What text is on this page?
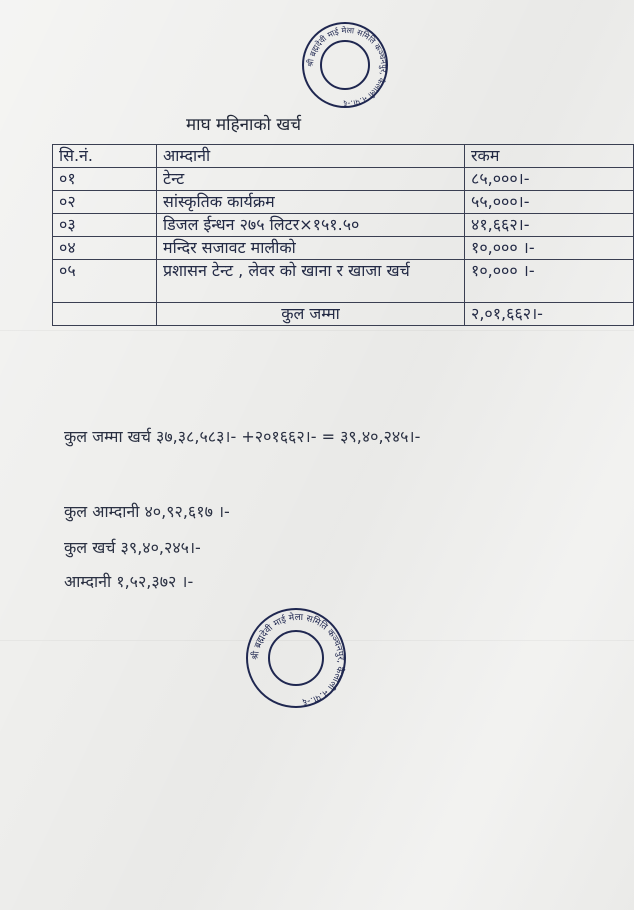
श्री ब्रह्मदेवी माई मेला समिति कञ्चनपुर, कैलाली न.पा.-६
माघ महिनाको खर्च
सि.नं.	आम्दानी	रकम
०१	टेन्ट	८५,०००।-
०२	सांस्कृतिक कार्यक्रम	५५,०००।-
०३	डिजल ईन्धन २७५ लिटर×१५१.५०	४१,६६२।-
०४	मन्दिर सजावट मालीको	१०,००० ।-
०५	प्रशासन टेन्ट , लेवर को खाना र खाजा खर्च	१०,००० ।-
	कुल जम्मा	२,०१,६६२।-
कुल जम्मा खर्च ३७,३८,५८३।- +२०१६६२।- = ३९,४०,२४५।-
कुल आम्दानी ४०,९२,६१७ ।-
कुल खर्च ३९,४०,२४५।-
आम्दानी १,५२,३७२ ।-
श्री ब्रह्मदेवी माई मेला समिति कञ्चनपुर, कैलाली न.पा.-६
